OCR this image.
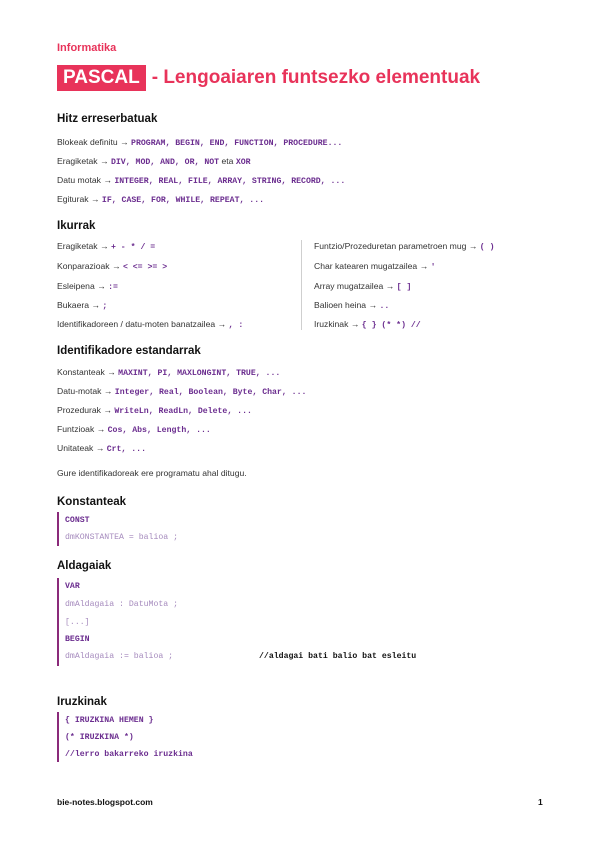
Informatika
PASCAL - Lengoaiaren funtsezko elementuak
Hitz erreserbatuak
Blokeak definitu → PROGRAM, BEGIN, END, FUNCTION, PROCEDURE...
Eragiketak → DIV, MOD, AND, OR, NOT eta XOR
Datu motak → INTEGER, REAL, FILE, ARRAY, STRING, RECORD, ...
Egiturak → IF, CASE, FOR, WHILE, REPEAT, ...
Ikurrak
Eragiketak → + - * / =
Konparazioak → < <= >= >
Esleipena → :=
Bukaera → ;
Identifikadoreen / datu-moten banatzailea → , :
Funtzio/Prozeduretan parametroen mug → ( )
Char katearen mugatzailea → '
Array mugatzailea → [ ]
Balioen heina → ..
Iruzkinak → { } (* *) //
Identifikadore estandarrak
Konstanteak → MAXINT, PI, MAXLONGINT, TRUE, ...
Datu-motak → Integer, Real, Boolean, Byte, Char, ...
Prozedurak → WriteLn, ReadLn, Delete, ...
Funtzioak → Cos, Abs, Length, ...
Unitateak → Crt, ...
Gure identifikadoreak ere programatu ahal ditugu.
Konstanteak
CONST
dmKONSTANTEA = balioa ;
Aldagaiak
VAR
dmAldagaia : DatuMota ;
[...]
BEGIN
dmAldagaia := balioa ;	//aldagai bati balio bat esleitu
Iruzkinak
{ IRUZKINA HEMEN }
(* IRUZKINA *)
//lerro bakarreko iruzkina
bie-notes.blogspot.com	1
